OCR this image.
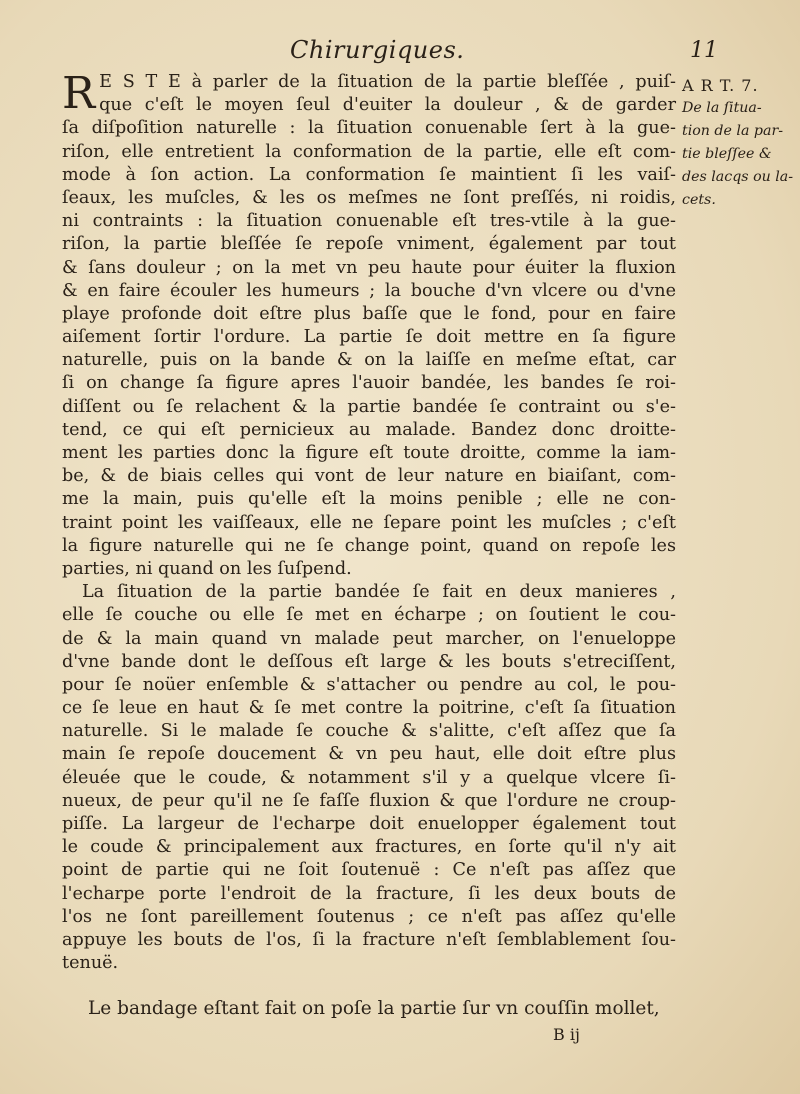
Chirurgiques.	11
R E S T E à parler de la ſituation de la partie bleſſée , puiſ-
que c'eſt le moyen ſeul d'euiter la douleur , & de garder
ſa diſpoſition naturelle : la ſituation conuenable ſert à la gue-
riſon, elle entretient la conformation de la partie, elle eſt com-
mode à ſon action. La conformation ſe maintient ſi les vaiſ-
ſeaux, les muſcles, & les os meſmes ne ſont preſſés, ni roidis,
ni contraints : la ſituation conuenable eſt tres-vtile à la gue-
riſon, la partie bleſſée ſe repoſe vniment, également par tout
& ſans douleur ; on la met vn peu haute pour éuiter la fluxion
& en faire écouler les humeurs ; la bouche d'vn vlcere ou d'vne
playe profonde doit eſtre plus baſſe que le fond, pour en faire
aiſement ſortir l'ordure. La partie ſe doit mettre en ſa figure
naturelle, puis on la bande & on la laiſſe en meſme eſtat, car
ſi on change ſa figure apres l'auoir bandée, les bandes ſe roi-
diſſent ou ſe relachent & la partie bandée ſe contraint ou s'e-
tend, ce qui eſt pernicieux au malade. Bandez donc droitte-
ment les parties donc la figure eſt toute droitte, comme la iam-
be, & de biais celles qui vont de leur nature en biaiſant, com-
me la main, puis qu'elle eſt la moins penible ; elle ne con-
traint point les vaiſſeaux, elle ne ſepare point les muſcles ; c'eſt
la figure naturelle qui ne ſe change point, quand on repoſe les
parties, ni quand on les ſuſpend.
La ſituation de la partie bandée ſe fait en deux manieres ,
elle ſe couche ou elle ſe met en écharpe ; on ſoutient le cou-
de & la main quand vn malade peut marcher, on l'enueloppe
d'vne bande dont le deſſous eſt large & les bouts s'etreciſſent,
pour ſe noüer enſemble & s'attacher ou pendre au col, le pou-
ce ſe leue en haut & ſe met contre la poitrine, c'eſt ſa ſituation
naturelle. Si le malade ſe couche & s'alitte, c'eſt aſſez que ſa
main ſe repoſe doucement & vn peu haut, elle doit eſtre plus
éleuée que le coude, & notamment s'il y a quelque vlcere ſi-
nueux, de peur qu'il ne ſe faſſe fluxion & que l'ordure ne croup-
piſſe. La largeur de l'echarpe doit enuelopper également tout
le coude & principalement aux fractures, en ſorte qu'il n'y ait
point de partie qui ne ſoit ſoutenuë : Ce n'eſt pas aſſez que
l'echarpe porte l'endroit de la fracture, ſi les deux bouts de
l'os ne ſont pareillement ſoutenus ; ce n'eſt pas aſſez qu'elle
appuye les bouts de l'os, ſi la fracture n'eſt ſemblablement ſou-
tenuë.
Le bandage eſtant fait on poſe la partie ſur vn couſſin mollet,
B ij
A R T. 7.
De la ſitua-
tion de la par-
tie bleſſee &
des lacqs ou la-
cets.
